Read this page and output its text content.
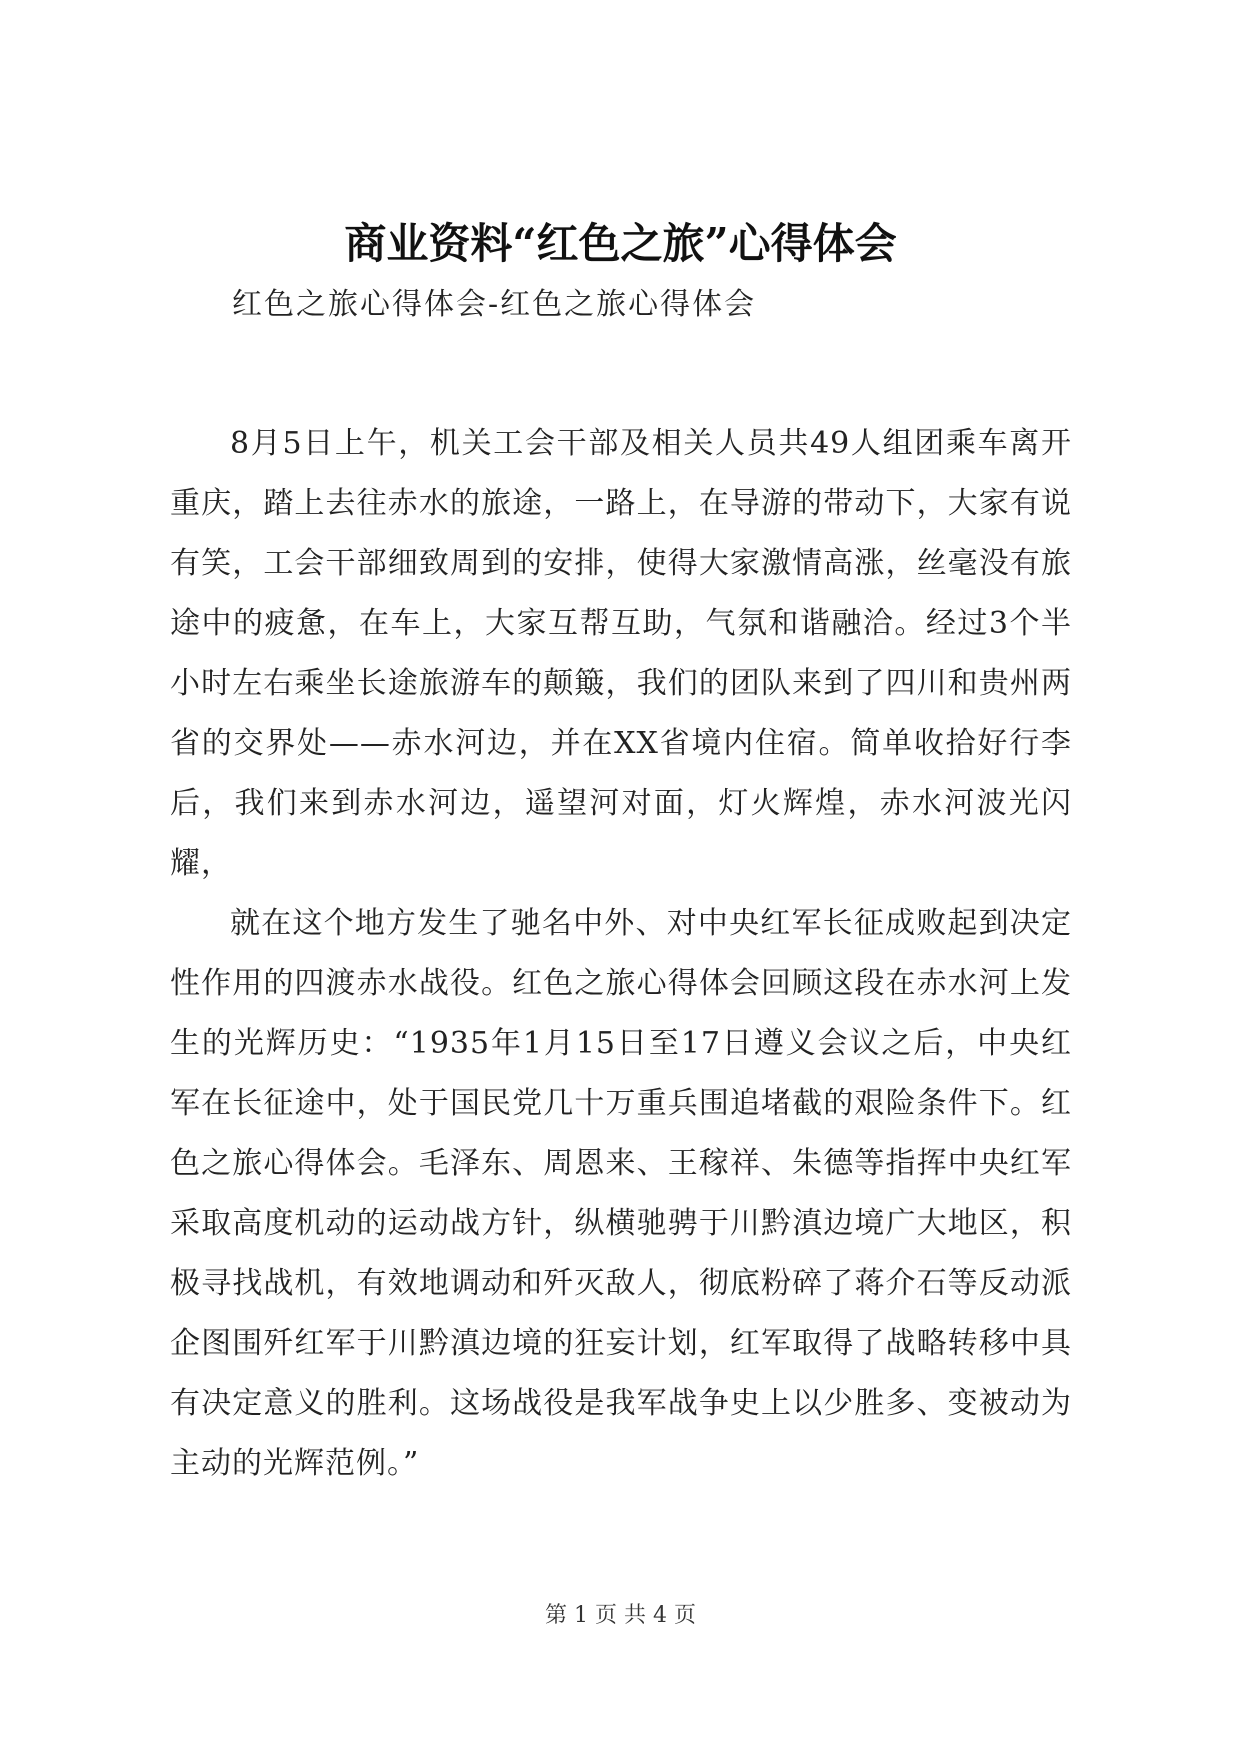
商业资料“红色之旅”心得体会

红色之旅心得体会-红色之旅心得体会

8月5日上午，机关工会干部及相关人员共49人组团乘车离开重庆，踏上去往赤水的旅途，一路上，在导游的带动下，大家有说有笑，工会干部细致周到的安排，使得大家激情高涨，丝毫没有旅途中的疲惫，在车上，大家互帮互助，气氛和谐融洽。经过3个半小时左右乘坐长途旅游车的颠簸，我们的团队来到了四川和贵州两省的交界处——赤水河边，并在XX省境内住宿。简单收拾好行李后，我们来到赤水河边，遥望河对面，灯火辉煌，赤水河波光闪耀，

就在这个地方发生了驰名中外、对中央红军长征成败起到决定性作用的四渡赤水战役。红色之旅心得体会回顾这段在赤水河上发生的光辉历史：“1935年1月15日至17日遵义会议之后，中央红军在长征途中，处于国民党几十万重兵围追堵截的艰险条件下。红色之旅心得体会。毛泽东、周恩来、王稼祥、朱德等指挥中央红军采取高度机动的运动战方针，纵横驰骋于川黔滇边境广大地区，积极寻找战机，有效地调动和歼灭敌人，彻底粉碎了蒋介石等反动派企图围歼红军于川黔滇边境的狂妄计划，红军取得了战略转移中具有决定意义的胜利。这场战役是我军战争史上以少胜多、变被动为主动的光辉范例。”

第 1 页 共 4 页
